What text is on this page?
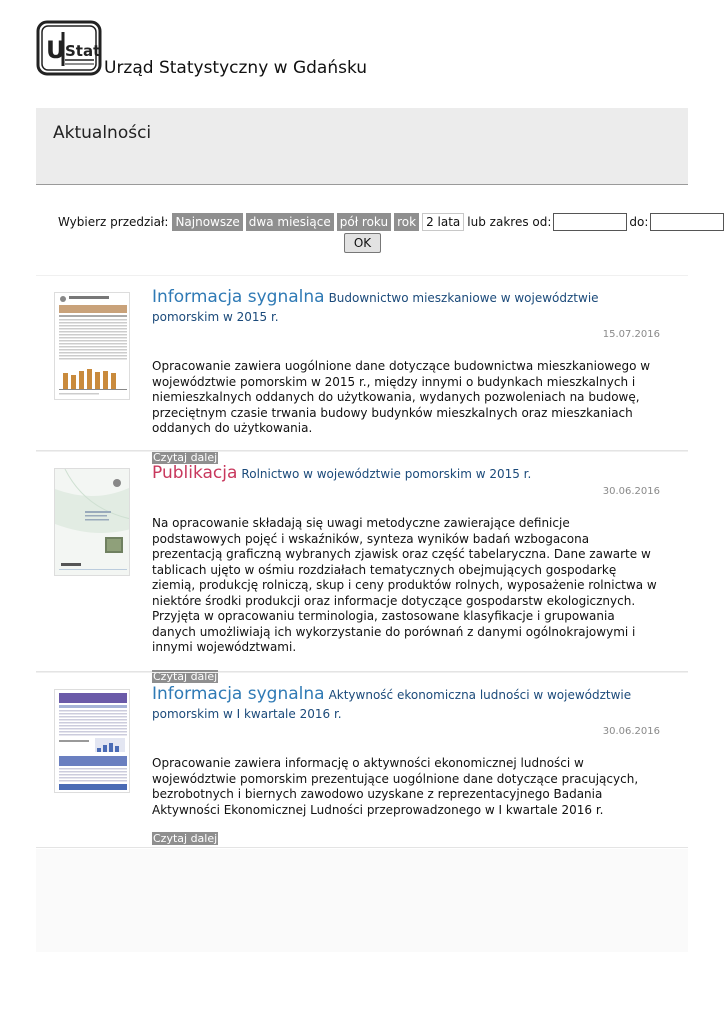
U Stat
Urząd Statystyczny w Gdańsku
Aktualności
Wybierz przedział: Najnowsze dwa miesiące pół roku rok 2 lata lub zakres od:	do:
OK
Informacja sygnalna Budownictwo mieszkaniowe w województwie pomorskim w 2015 r.
15.07.2016
Opracowanie zawiera uogólnione dane dotyczące budownictwa mieszkaniowego w województwie pomorskim w 2015 r., między innymi o budynkach mieszkalnych i niemieszkalnych oddanych do użytkowania, wydanych pozwoleniach na budowę, przeciętnym czasie trwania budowy budynków mieszkalnych oraz mieszkaniach oddanych do użytkowania.
Czytaj dalej
Publikacja Rolnictwo w województwie pomorskim w 2015 r.
30.06.2016
Na opracowanie składają się uwagi metodyczne zawierające definicje podstawowych pojęć i wskaźników, synteza wyników badań wzbogacona prezentacją graficzną wybranych zjawisk oraz część tabelaryczna. Dane zawarte w tablicach ujęto w ośmiu rozdziałach tematycznych obejmujących gospodarkę ziemią, produkcję rolniczą, skup i ceny produktów rolnych, wyposażenie rolnictwa w niektóre środki produkcji oraz informacje dotyczące gospodarstw ekologicznych. Przyjęta w opracowaniu terminologia, zastosowane klasyfikacje i grupowania danych umożliwiają ich wykorzystanie do porównań z danymi ogólnokrajowymi i innymi województwami.
Czytaj dalej
Informacja sygnalna Aktywność ekonomiczna ludności w województwie pomorskim w I kwartale 2016 r.
30.06.2016
Opracowanie zawiera informację o aktywności ekonomicznej ludności w województwie pomorskim prezentujące uogólnione dane dotyczące pracujących, bezrobotnych i biernych zawodowo uzyskane z reprezentacyjnego Badania Aktywności Ekonomicznej Ludności przeprowadzonego w I kwartale 2016 r.
Czytaj dalej
